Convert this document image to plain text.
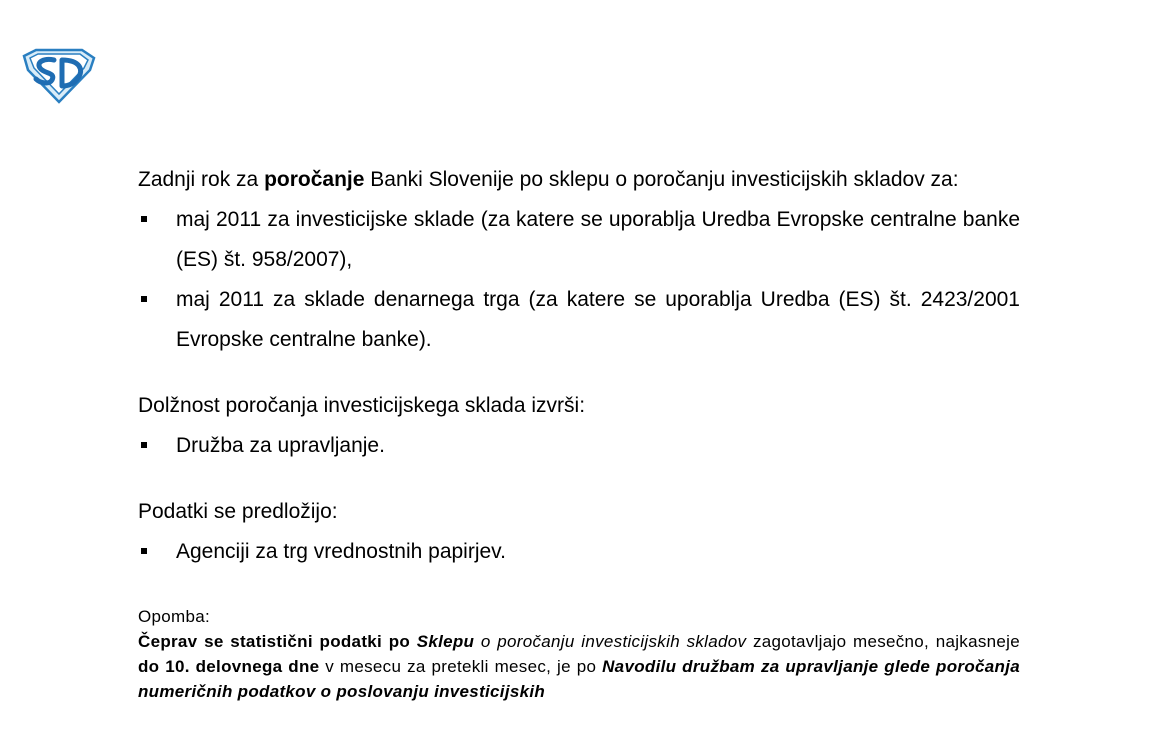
Zadnji rok za poročanje Banki Slovenije po sklepu o poročanju investicijskih skladov za:

maj 2011 za investicijske sklade (za katere se uporablja Uredba Evropske centralne banke (ES) št. 958/2007),
maj 2011 za sklade denarnega trga (za katere se uporablja Uredba (ES) št. 2423/2001 Evropske centralne banke).

Dolžnost poročanja investicijskega sklada izvrši:

Družba za upravljanje.

Podatki se predložijo:

Agenciji za trg vrednostnih papirjev.

Opomba:

Čeprav se statistični podatki po Sklepu o poročanju investicijskih skladov zagotavljajo mesečno, najkasneje do 10. delovnega dne v mesecu za pretekli mesec, je po Navodilu družbam za upravljanje glede poročanja numeričnih podatkov o poslovanju investicijskih
